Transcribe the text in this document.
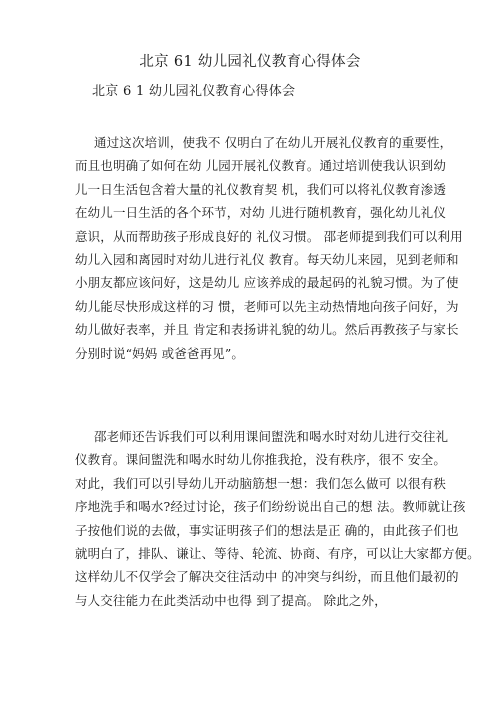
北京 61 幼儿园礼仪教育心得体会
北京 6 1 幼儿园礼仪教育心得体会
通过这次培训，使我不 仅明白了在幼儿开展礼仪教育的重要性，
而且也明确了如何在幼 儿园开展礼仪教育。通过培训使我认识到幼
儿一日生活包含着大量的礼仪教育契 机，我们可以将礼仪教育渗透
在幼儿一日生活的各个环节，对幼 儿进行随机教育，强化幼儿礼仪
意识，从而帮助孩子形成良好的 礼仪习惯。 邵老师提到我们可以利用
幼儿入园和离园时对幼儿进行礼仪 教育。每天幼儿来园，见到老师和
小朋友都应该问好，这是幼儿 应该养成的最起码的礼貌习惯。为了使
幼儿能尽快形成这样的习 惯，老师可以先主动热情地向孩子问好，为
幼儿做好表率，并且 肯定和表扬讲礼貌的幼儿。然后再教孩子与家长
分别时说“妈妈 或爸爸再见”。
邵老师还告诉我们可以利用课间盥洗和喝水时对幼儿进行交往礼
仪教育。课间盥洗和喝水时幼儿你推我抢，没有秩序，很不 安全。
对此，我们可以引导幼儿开动脑筋想一想：我们怎么做可 以很有秩
序地洗手和喝水?经过讨论，孩子们纷纷说出自己的想 法。教师就让孩
子按他们说的去做，事实证明孩子们的想法是正 确的，由此孩子们也
就明白了，排队、谦让、等待、轮流、协商、有序，可以让大家都方便。
这样幼儿不仅学会了解决交往活动中 的冲突与纠纷，而且他们最初的
与人交往能力在此类活动中也得 到了提高。 除此之外，
